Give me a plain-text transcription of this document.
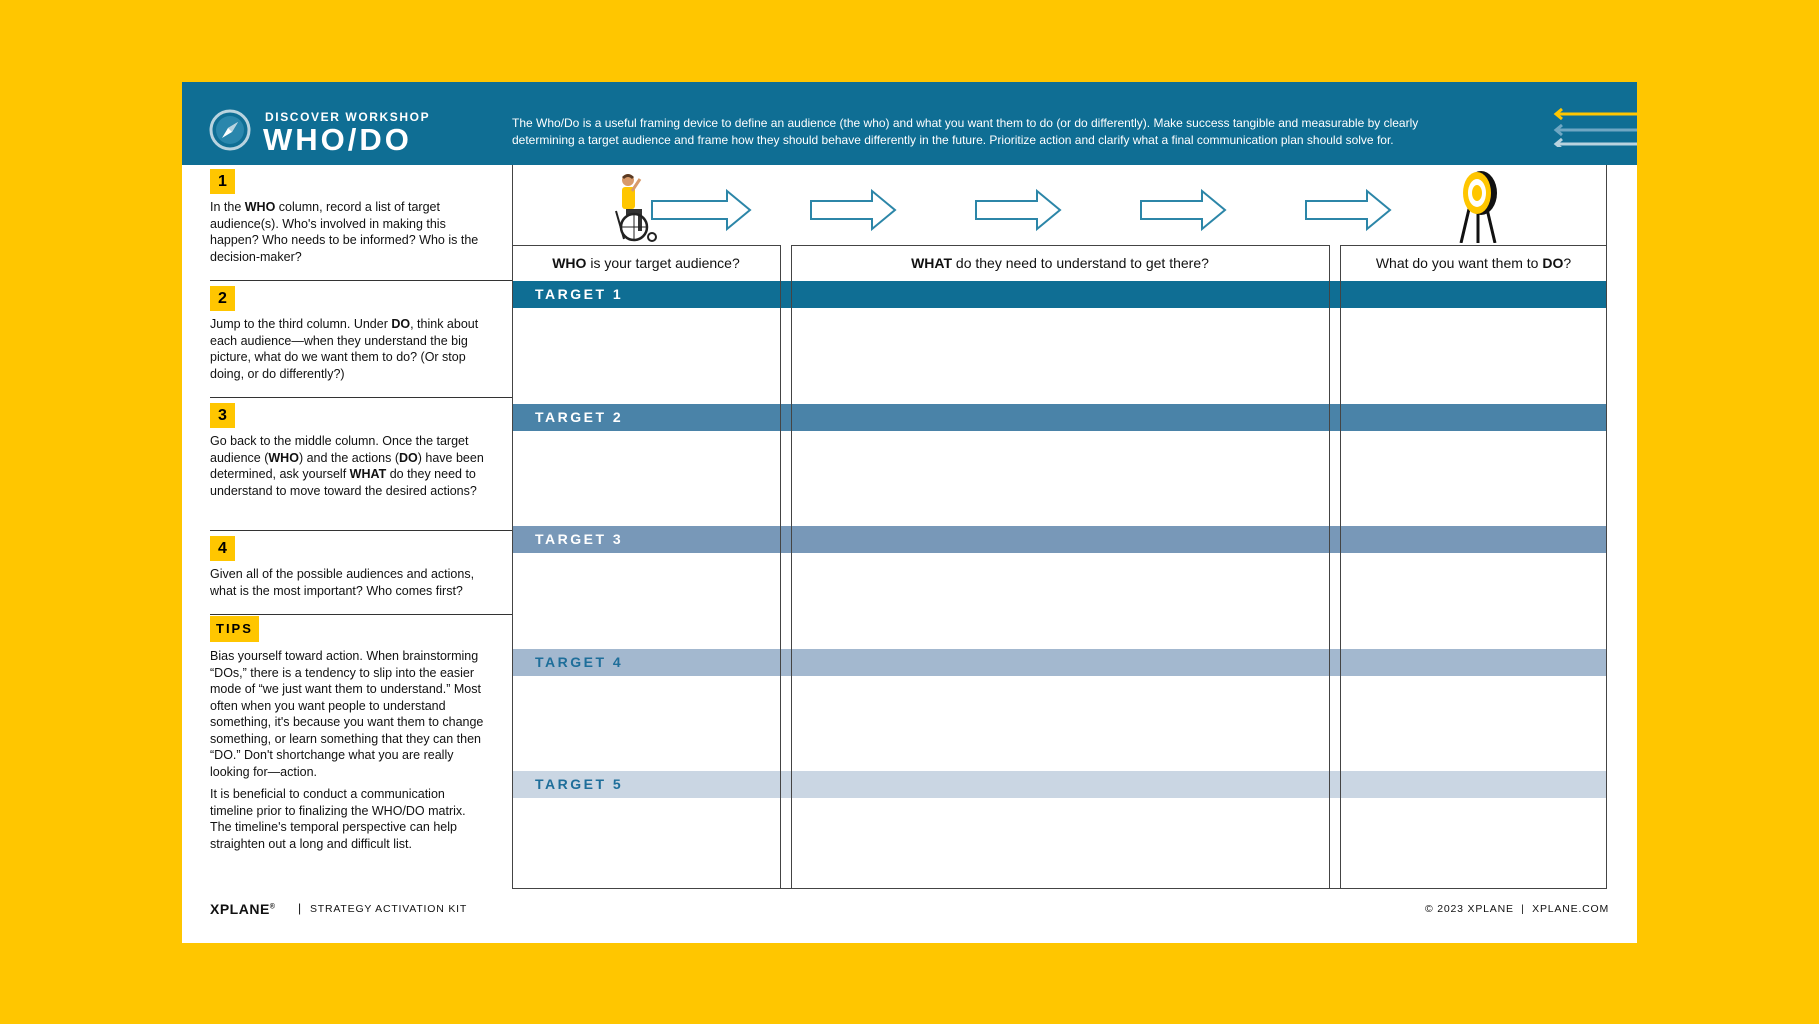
DISCOVER WORKSHOP
WHO/DO	The Who/Do is a useful framing device to define an audience (the who) and what you want them to do (or do differently). Make success tangible and measurable by clearly determining a target audience and frame how they should behave differently in the future. Prioritize action and clarify what a final communication plan should solve for.
1
In the WHO column, record a list of target audience(s). Who's involved in making this happen? Who needs to be informed? Who is the decision-maker?
2
Jump to the third column. Under DO, think about each audience—when they understand the big picture, what do we want them to do? (Or stop doing, or do differently?)
3
Go back to the middle column. Once the target audience (WHO) and the actions (DO) have been determined, ask yourself WHAT do they need to understand to move toward the desired actions?
4
Given all of the possible audiences and actions, what is the most important? Who comes first?
TIPS

Bias yourself toward action. When brainstorming “DOs,” there is a tendency to slip into the easier mode of “we just want them to understand.” Most often when you want people to understand something, it's because you want them to change something, or learn something that they can then “DO.” Don't shortchange what you are really looking for—action.

It is beneficial to conduct a communication timeline prior to finalizing the WHO/DO matrix. The timeline's temporal perspective can help straighten out a long and difficult list.

WHO is your target audience?	WHAT do they need to understand to get there?	What do you want them to DO?
TARGET 1
TARGET 2
TARGET 3
TARGET 4
TARGET 5
XPLANE® | STRATEGY ACTIVATION KIT	© 2023 XPLANE  |  XPLANE.COM
